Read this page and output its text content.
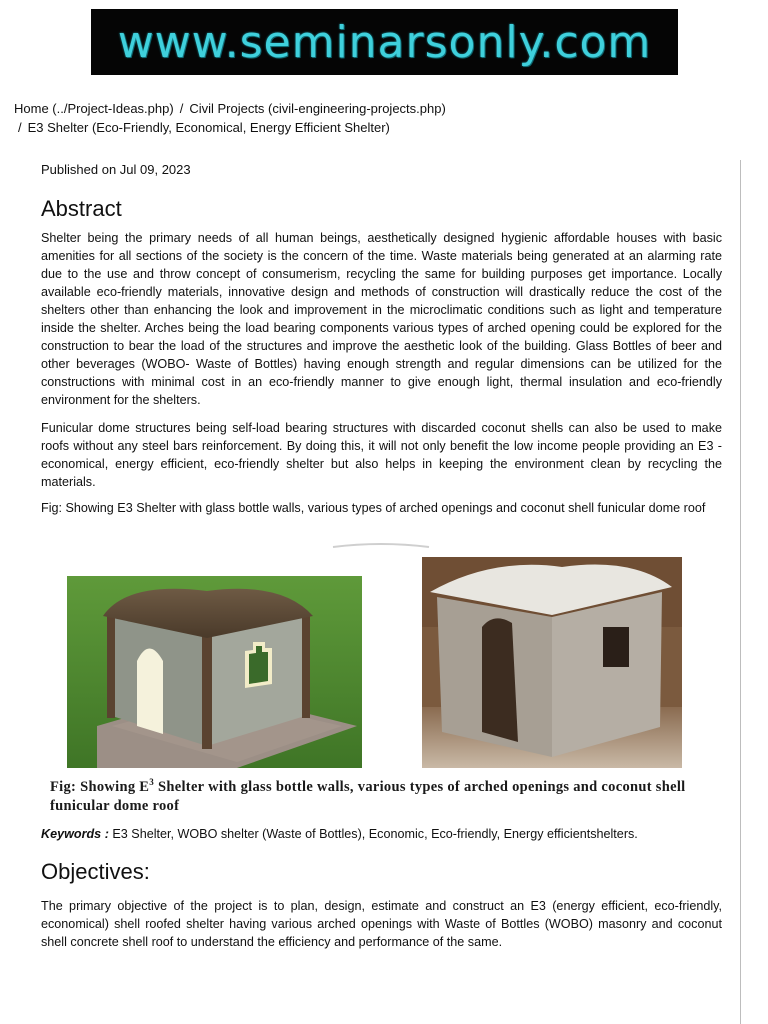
www.seminarsonly.com
Home (../Project-Ideas.php) / Civil Projects (civil-engineering-projects.php)
/ E3 Shelter (Eco-Friendly, Economical, Energy Efficient Shelter)
Published on Jul 09, 2023
Abstract

Shelter being the primary needs of all human beings, aesthetically designed hygienic affordable houses with basic amenities for all sections of the society is the concern of the time. Waste materials being generated at an alarming rate due to the use and throw concept of consumerism, recycling the same for building purposes get importance. Locally available eco-friendly materials, innovative design and methods of construction will drastically reduce the cost of the shelters other than enhancing the look and improvement in the microclimatic conditions such as light and temperature inside the shelter. Arches being the load bearing components various types of arched opening could be explored for the construction to bear the load of the structures and improve the aesthetic look of the building. Glass Bottles of beer and other beverages (WOBO- Waste of Bottles) having enough strength and regular dimensions can be utilized for the constructions with minimal cost in an eco-friendly manner to give enough light, thermal insulation and eco-friendly environment for the shelters.

Funicular dome structures being self-load bearing structures with discarded coconut shells can also be used to make roofs without any steel bars reinforcement. By doing this, it will not only benefit the low income people providing an E3 - economical, energy efficient, eco-friendly shelter but also helps in keeping the environment clean by recycling the materials.

Fig: Showing E3 Shelter with glass bottle walls, various types of arched openings and coconut shell funicular dome roof

Fig: Showing $E^3$ Shelter with glass bottle walls, various types of arched openings and coconut shell funicular dome roof
Keywords : E3 Shelter, WOBO shelter (Waste of Bottles), Economic, Eco-friendly, Energy efficientshelters.
Objectives:

The primary objective of the project is to plan, design, estimate and construct an E3 (energy efficient, eco-friendly, economical) shell roofed shelter having various arched openings with Waste of Bottles (WOBO) masonry and coconut shell concrete shell roof to understand the efficiency and performance of the same.
